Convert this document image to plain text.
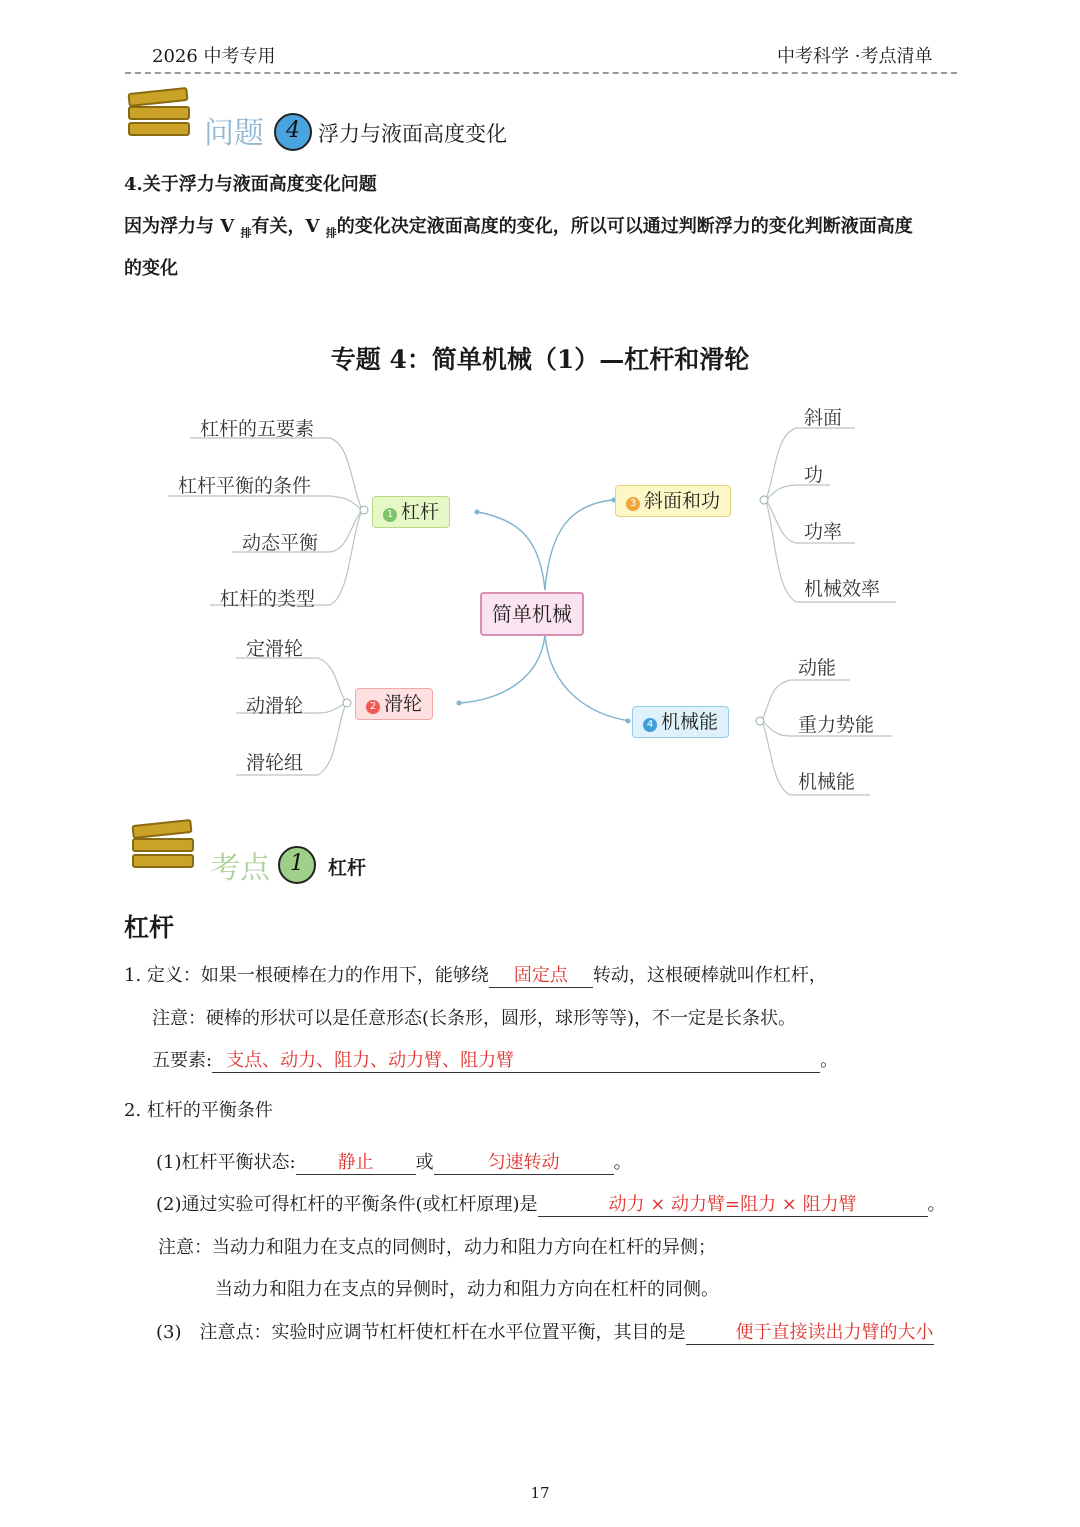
2026 中考专用	中考科学 ·考点清单
问题	4 浮力与液面高度变化
4.关于浮力与液面高度变化问题
因为浮力与 V $_排$有关，V $_排$的变化决定液面高度的变化，所以可以通过判断浮力的变化判断液面高度
的变化
专题 4：简单机械（1）—杠杆和滑轮
简单机械
1 杠杆
2 滑轮
3 斜面和功
4 机械能
杠杆的五要素
杠杆平衡的条件
动态平衡
杠杆的类型
定滑轮
动滑轮
滑轮组
斜面
功
功率
机械效率
动能
重力势能
机械能
考点 1	杠杆
杠杆
1. 定义：如果一根硬棒在力的作用下，能够绕 固定点 转动，这根硬棒就叫作杠杆，
注意：硬棒的形状可以是任意形态(长条形，圆形，球形等等)，不一定是长条状。
五要素: 支点、动力、阻力、动力臂、阻力臂	。
2. 杠杆的平衡条件
(1)杠杆平衡状态: 静止 或	匀速转动	。
(2)通过实验可得杠杆的平衡条件(或杠杆原理)是	动力 × 动力臂=阻力 × 阻力臂	。
注意：当动力和阻力在支点的同侧时，动力和阻力方向在杠杆的异侧；
当动力和阻力在支点的异侧时，动力和阻力方向在杠杆的同侧。
(3) 注意点：实验时应调节杠杆使杠杆在水平位置平衡，其目的是	便于直接读出力臂的大小
17
